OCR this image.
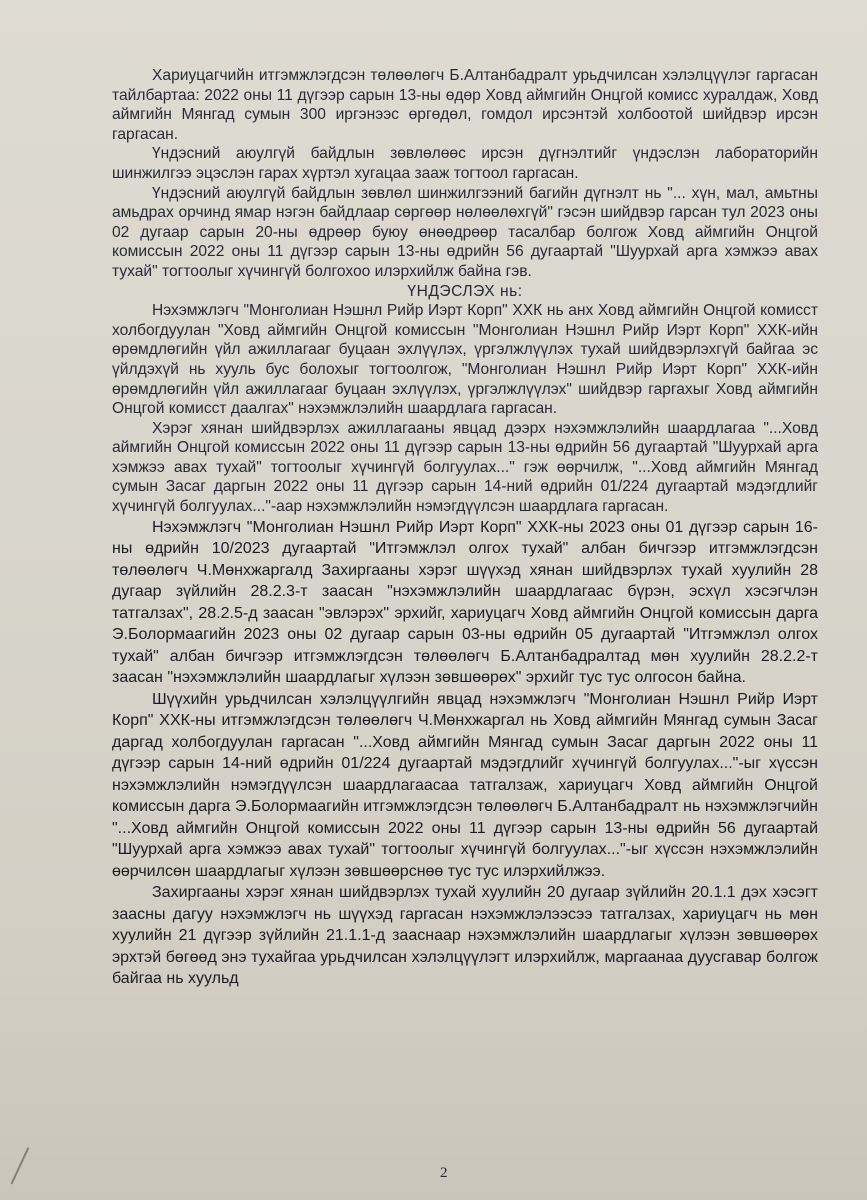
Хариуцагчийн итгэмжлэгдсэн төлөөлөгч Б.Алтанбадралт урьдчилсан хэлэлцүүлэг гаргасан тайлбартаа: 2022 оны 11 дүгээр сарын 13-ны өдөр Ховд аймгийн Онцгой комисс хуралдаж, Ховд аймгийн Мянгад сумын 300 иргэнээс өргөдөл, гомдол ирсэнтэй холбоотой шийдвэр ирсэн гаргасан.

Үндэсний аюулгүй байдлын зөвлөлөөс ирсэн дүгнэлтийг үндэслэн лабораторийн шинжилгээ эцэслэн гарах хүртэл хугацаа зааж тогтоол гаргасан.

Үндэсний аюулгүй байдлын зөвлөл шинжилгээний багийн дүгнэлт нь "... хүн, мал, амьтны амьдрах орчинд ямар нэгэн байдлаар сөргөөр нөлөөлөхгүй" гэсэн шийдвэр гарсан тул 2023 оны 02 дугаар сарын 20-ны өдрөөр буюу өнөөдрөөр тасалбар болгож Ховд аймгийн Онцгой комиссын 2022 оны 11 дүгээр сарын 13-ны өдрийн 56 дугаартай "Шуурхай арга хэмжээ авах тухай" тогтоолыг хүчингүй болгохоо илэрхийлж байна гэв.

ҮНДЭСЛЭХ нь:

Нэхэмжлэгч "Монголиан Нэшнл Рийр Иэрт Корп" ХХК нь анх Ховд аймгийн Онцгой комисст холбогдуулан "Ховд аймгийн Онцгой комиссын "Монголиан Нэшнл Рийр Иэрт Корп" ХХК-ийн өрөмдлөгийн үйл ажиллагааг буцаан эхлүүлэх, үргэлжлүүлэх тухай шийдвэрлэхгүй байгаа эс үйлдэхүй нь хууль бус болохыг тогтоолгож, "Монголиан Нэшнл Рийр Иэрт Корп" ХХК-ийн өрөмдлөгийн үйл ажиллагааг буцаан эхлүүлэх, үргэлжлүүлэх" шийдвэр гаргахыг Ховд аймгийн Онцгой комисст даалгах" нэхэмжлэлийн шаардлага гаргасан.

Хэрэг хянан шийдвэрлэх ажиллагааны явцад дээрх нэхэмжлэлийн шаардлагаа "...Ховд аймгийн Онцгой комиссын 2022 оны 11 дүгээр сарын 13-ны өдрийн 56 дугаартай "Шуурхай арга хэмжээ авах тухай" тогтоолыг хүчингүй болгуулах..." гэж өөрчилж, "...Ховд аймгийн Мянгад сумын Засаг даргын 2022 оны 11 дүгээр сарын 14-ний өдрийн 01/224 дугаартай мэдэгдлийг хүчингүй болгуулах..."-аар нэхэмжлэлийн нэмэгдүүлсэн шаардлага гаргасан.

Нэхэмжлэгч "Монголиан Нэшнл Рийр Иэрт Корп" ХХК-ны 2023 оны 01 дүгээр сарын 16-ны өдрийн 10/2023 дугаартай "Итгэмжлэл олгох тухай" албан бичгээр итгэмжлэгдсэн төлөөлөгч Ч.Мөнхжаргалд Захиргааны хэрэг шүүхэд хянан шийдвэрлэх тухай хуулийн 28 дугаар зүйлийн 28.2.3-т заасан "нэхэмжлэлийн шаардлагаас бүрэн, эсхүл хэсэгчлэн татгалзах", 28.2.5-д заасан "эвлэрэх" эрхийг, хариуцагч Ховд аймгийн Онцгой комиссын дарга Э.Болормаагийн 2023 оны 02 дугаар сарын 03-ны өдрийн 05 дугаартай "Итгэмжлэл олгох тухай" албан бичгээр итгэмжлэгдсэн төлөөлөгч Б.Алтанбадралтад мөн хуулийн 28.2.2-т заасан "нэхэмжлэлийн шаардлагыг хүлээн зөвшөөрөх" эрхийг тус тус олгосон байна.

Шүүхийн урьдчилсан хэлэлцүүлгийн явцад нэхэмжлэгч "Монголиан Нэшнл Рийр Иэрт Корп" ХХК-ны итгэмжлэгдсэн төлөөлөгч Ч.Мөнхжаргал нь Ховд аймгийн Мянгад сумын Засаг даргад холбогдуулан гаргасан "...Ховд аймгийн Мянгад сумын Засаг даргын 2022 оны 11 дүгээр сарын 14-ний өдрийн 01/224 дугаартай мэдэгдлийг хүчингүй болгуулах..."-ыг хүссэн нэхэмжлэлийн нэмэгдүүлсэн шаардлагаасаа татгалзаж, хариуцагч Ховд аймгийн Онцгой комиссын дарга Э.Болормаагийн итгэмжлэгдсэн төлөөлөгч Б.Алтанбадралт нь нэхэмжлэгчийн "...Ховд аймгийн Онцгой комиссын 2022 оны 11 дүгээр сарын 13-ны өдрийн 56 дугаартай "Шуурхай арга хэмжээ авах тухай" тогтоолыг хүчингүй болгуулах..."-ыг хүссэн нэхэмжлэлийн өөрчилсөн шаардлагыг хүлээн зөвшөөрснөө тус тус илэрхийлжээ.

Захиргааны хэрэг хянан шийдвэрлэх тухай хуулийн 20 дугаар зүйлийн 20.1.1 дэх хэсэгт заасны дагуу нэхэмжлэгч нь шүүхэд гаргасан нэхэмжлэлээсээ татгалзах, хариуцагч нь мөн хуулийн 21 дүгээр зүйлийн 21.1.1-д зааснаар нэхэмжлэлийн шаардлагыг хүлээн зөвшөөрөх эрхтэй бөгөөд энэ тухайгаа урьдчилсан хэлэлцүүлэгт илэрхийлж, маргаанаа дуусгавар болгож байгаа нь хуульд

2
